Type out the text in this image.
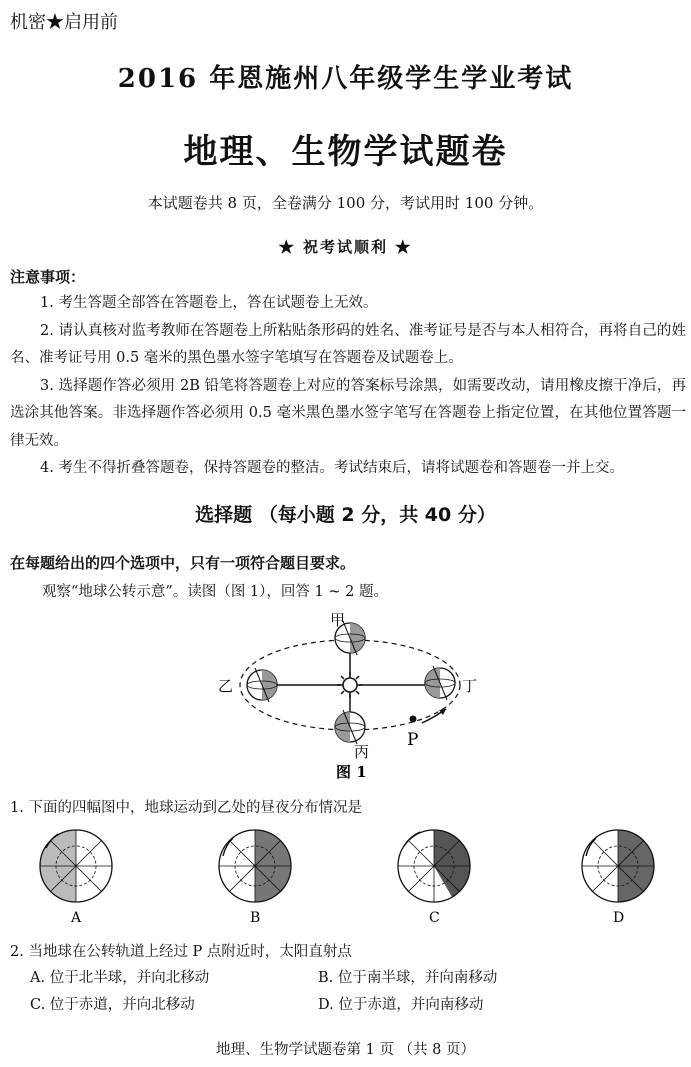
机密★启用前
2016 年恩施州八年级学生学业考试
地理、生物学试题卷
本试题卷共 8 页，全卷满分 100 分，考试用时 100 分钟。
★ 祝考试顺利 ★
注意事项：

1. 考生答题全部答在答题卷上，答在试题卷上无效。

2. 请认真核对监考教师在答题卷上所粘贴条形码的姓名、准考证号是否与本人相符合，再将自己的姓名、准考证号用 0.5 毫米的黑色墨水签字笔填写在答题卷及试题卷上。

3. 选择题作答必须用 2B 铅笔将答题卷上对应的答案标号涂黑，如需要改动，请用橡皮擦干净后，再选涂其他答案。非选择题作答必须用 0.5 毫米黑色墨水签字笔写在答题卷上指定位置，在其他位置答题一律无效。

4. 考生不得折叠答题卷，保持答题卷的整洁。考试结束后，请将试题卷和答题卷一并上交。

选择题 （每小题 2 分，共 40 分）
在每题给出的四个选项中，只有一项符合题目要求。
观察“地球公转示意”。读图（图 1），回答 1 ~ 2 题。
甲
乙
丙
丁
P
图 1
1. 下面的四幅图中，地球运动到乙处的昼夜分布情况是
A	B	C	D
2. 当地球在公转轨道上经过 P 点附近时，太阳直射点
A. 位于北半球，并向北移动	B. 位于南半球，并向南移动
C. 位于赤道，并向北移动	D. 位于赤道，并向南移动
地理、生物学试题卷第 1 页 （共 8 页）
